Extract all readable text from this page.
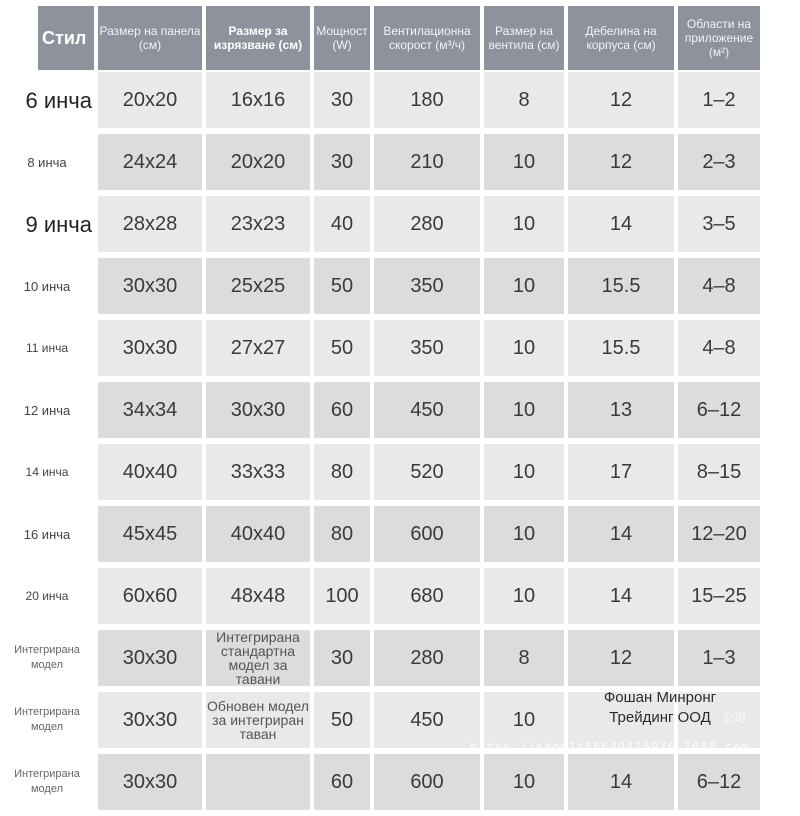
Стил	Размер на панела (см)	Размер за изрязване (см)	Мощност (W)	Вентилационна скорост (м³/ч)	Размер на вентила (см)	Дебелина на корпуса (см)	Области на приложение (м²)
6 инча	20x20	16x16	30	180	8	12	1–2
8 инча	24x24	20x20	30	210	10	12	2–3
9 инча	28x28	23x23	40	280	10	14	3–5
10 инча	30x30	25x25	50	350	10	15.5	4–8
11 инча	30x30	27x27	50	350	10	15.5	4–8
12 инча	34x34	30x30	60	450	10	13	6–12
14 инча	40x40	33x33	80	520	10	17	8–15
16 инча	45x45	40x40	80	600	10	14	12–20
20 инча	60x60	48x48	100	680	10	14	15–25
Интегрирана модел	30x30	Интегрирана стандартна модел за тавани	30	280	8	12	1–3
Интегрирана модел	30x30	Обновен модел за интегриран таван	50	450	10		
Интегрирана модел	30x30		60	600	10	14	6–12
Фошан Минронг
Трейдинг ООД 公司
https://shop1j56649415976.1688.com
